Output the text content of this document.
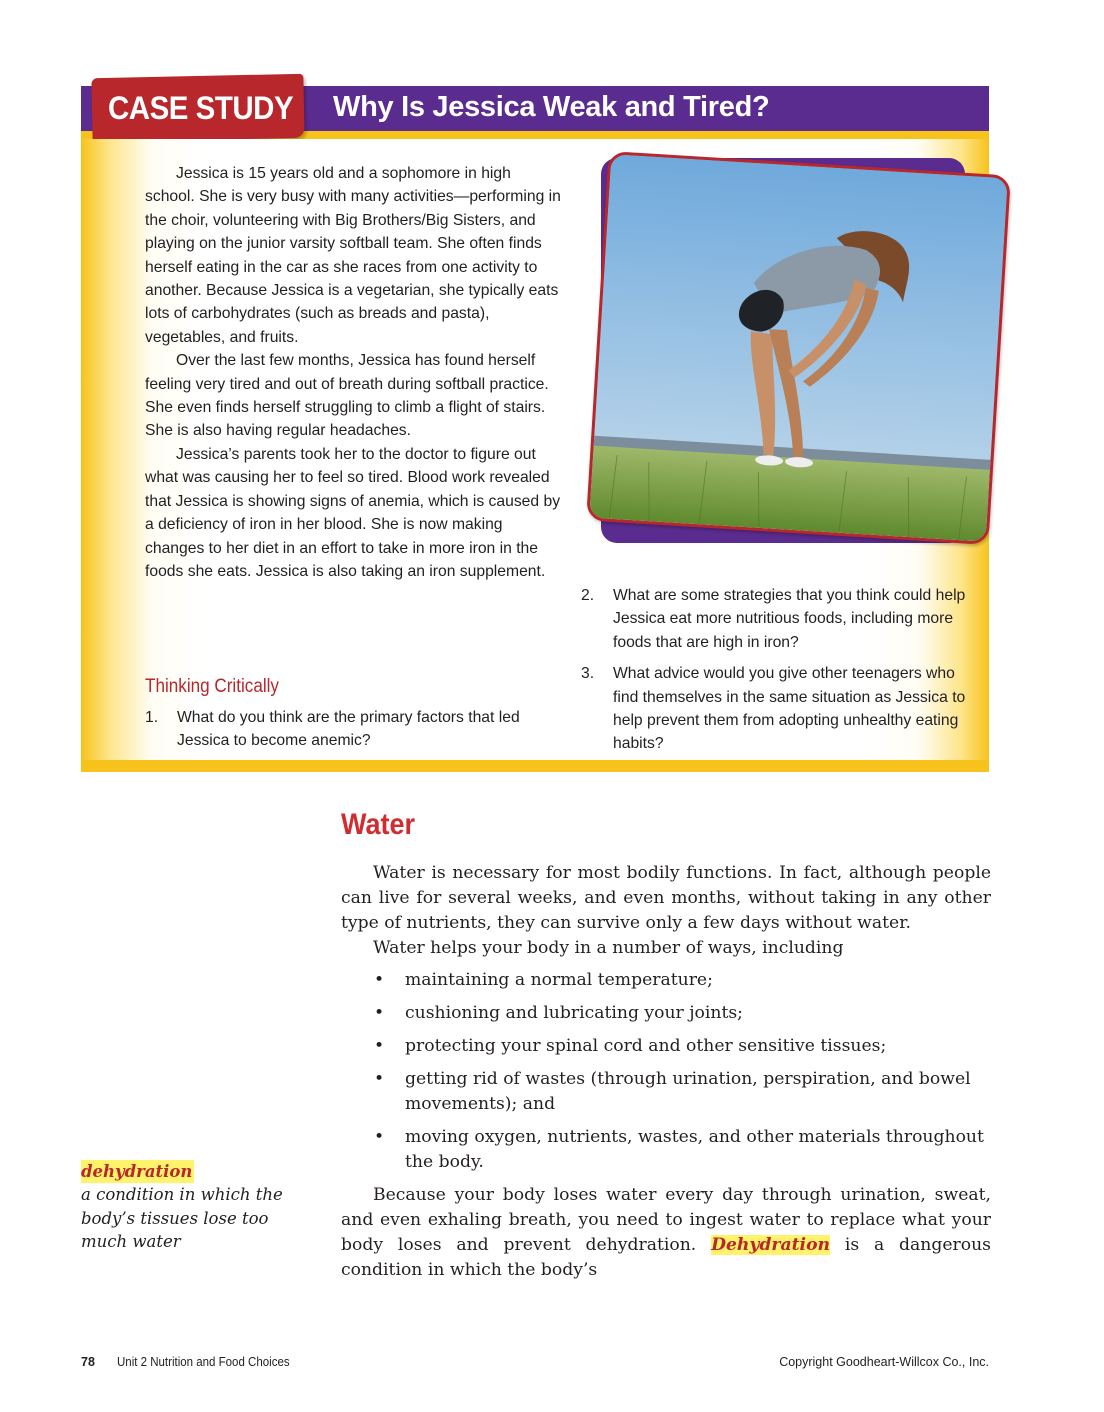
CASE STUDY Why Is Jessica Weak and Tired?

Jessica is 15 years old and a sophomore in high school. She is very busy with many activities—performing in the choir, volunteering with Big Brothers/Big Sisters, and playing on the junior varsity softball team. She often finds herself eating in the car as she races from one activity to another. Because Jessica is a vegetarian, she typically eats lots of carbohydrates (such as breads and pasta), vegetables, and fruits.

Over the last few months, Jessica has found herself feeling very tired and out of breath during softball practice. She even finds herself struggling to climb a flight of stairs. She is also having regular headaches.

Jessica’s parents took her to the doctor to figure out what was causing her to feel so tired. Blood work revealed that Jessica is showing signs of anemia, which is caused by a deficiency of iron in her blood. She is now making changes to her diet in an effort to take in more iron in the foods she eats. Jessica is also taking an iron supplement.

Thinking Critically
1. What do you think are the primary factors that led Jessica to become anemic?
2. What are some strategies that you think could help Jessica eat more nutritious foods, including more foods that are high in iron?
3. What advice would you give other teenagers who find themselves in the same situation as Jessica to help prevent them from adopting unhealthy eating habits?
Water

Water is necessary for most bodily functions. In fact, although people can live for several weeks, and even months, without taking in any other type of nutrients, they can survive only a few days without water.

Water helps your body in a number of ways, including

• maintaining a normal temperature;
• cushioning and lubricating your joints;
• protecting your spinal cord and other sensitive tissues;
• getting rid of wastes (through urination, perspiration, and bowel movements); and
• moving oxygen, nutrients, wastes, and other materials throughout the body.

Because your body loses water every day through urination, sweat, and even exhaling breath, you need to ingest water to replace what your body loses and prevent dehydration. Dehydration is a dangerous condition in which the body’s

dehydration
a condition in which the body’s tissues lose too much water
78 Unit 2 Nutrition and Food Choices	Copyright Goodheart-Willcox Co., Inc.
